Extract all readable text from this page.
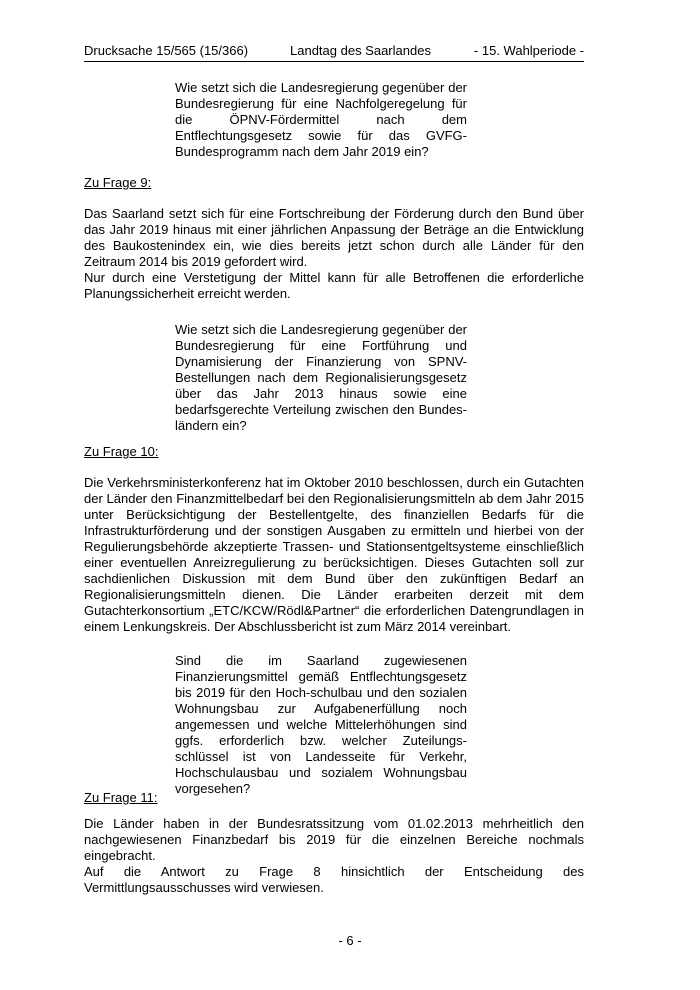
Drucksache 15/565 (15/366)	Landtag des Saarlandes	- 15. Wahlperiode -

Wie setzt sich die Landesregierung gegenüber der Bundesregierung für eine Nachfolgeregelung für die ÖPNV-Fördermittel nach dem Entflechtungsgesetz sowie für das GVFG-Bundesprogramm nach dem Jahr 2019 ein?

Zu Frage 9:

Das Saarland setzt sich für eine Fortschreibung der Förderung durch den Bund über das Jahr 2019 hinaus mit einer jährlichen Anpassung der Beträge an die Entwicklung des Baukostenindex ein, wie dies bereits jetzt schon durch alle Länder für den Zeitraum 2014 bis 2019 gefordert wird.

Nur durch eine Verstetigung der Mittel kann für alle Betroffenen die erforderliche Planungssicherheit erreicht werden.

Wie setzt sich die Landesregierung gegenüber der Bundesregierung für eine Fortführung und Dynamisierung der Finanzierung von SPNV-Bestellungen nach dem Regionalisierungsgesetz über das Jahr 2013 hinaus sowie eine bedarfsgerechte Verteilung zwischen den Bundes-ländern ein?

Zu Frage 10:

Die Verkehrsministerkonferenz hat im Oktober 2010 beschlossen, durch ein Gutachten der Länder den Finanzmittelbedarf bei den Regionalisierungsmitteln ab dem Jahr 2015 unter Berücksichtigung der Bestellentgelte, des finanziellen Bedarfs für die Infrastrukturförderung und der sonstigen Ausgaben zu ermitteln und hierbei von der Regulierungsbehörde akzeptierte Trassen- und Stationsentgeltsysteme einschließlich einer eventuellen Anreizregulierung zu berücksichtigen. Dieses Gutachten soll zur sachdienlichen Diskussion mit dem Bund über den zukünftigen Bedarf an Regionalisierungsmitteln dienen. Die Länder erarbeiten derzeit mit dem Gutachterkonsortium „ETC/KCW/Rödl&Partner“ die erforderlichen Datengrundlagen in einem Lenkungskreis. Der Abschlussbericht ist zum März 2014 vereinbart.

Sind die im Saarland zugewiesenen Finanzierungsmittel gemäß Entflechtungsgesetz bis 2019 für den Hoch-schulbau und den sozialen Wohnungsbau zur Aufgabenerfüllung noch angemessen und welche Mittelerhöhungen sind ggfs. erforderlich bzw. welcher Zuteilungs-schlüssel ist von Landesseite für Verkehr, Hochschulausbau und sozialem Wohnungsbau vorgesehen?

Zu Frage 11:

Die Länder haben in der Bundesratssitzung vom 01.02.2013 mehrheitlich den nachgewiesenen Finanzbedarf bis 2019 für die einzelnen Bereiche nochmals eingebracht.

Auf die Antwort zu Frage 8 hinsichtlich der Entscheidung des Vermittlungsausschusses wird verwiesen.

- 6 -
